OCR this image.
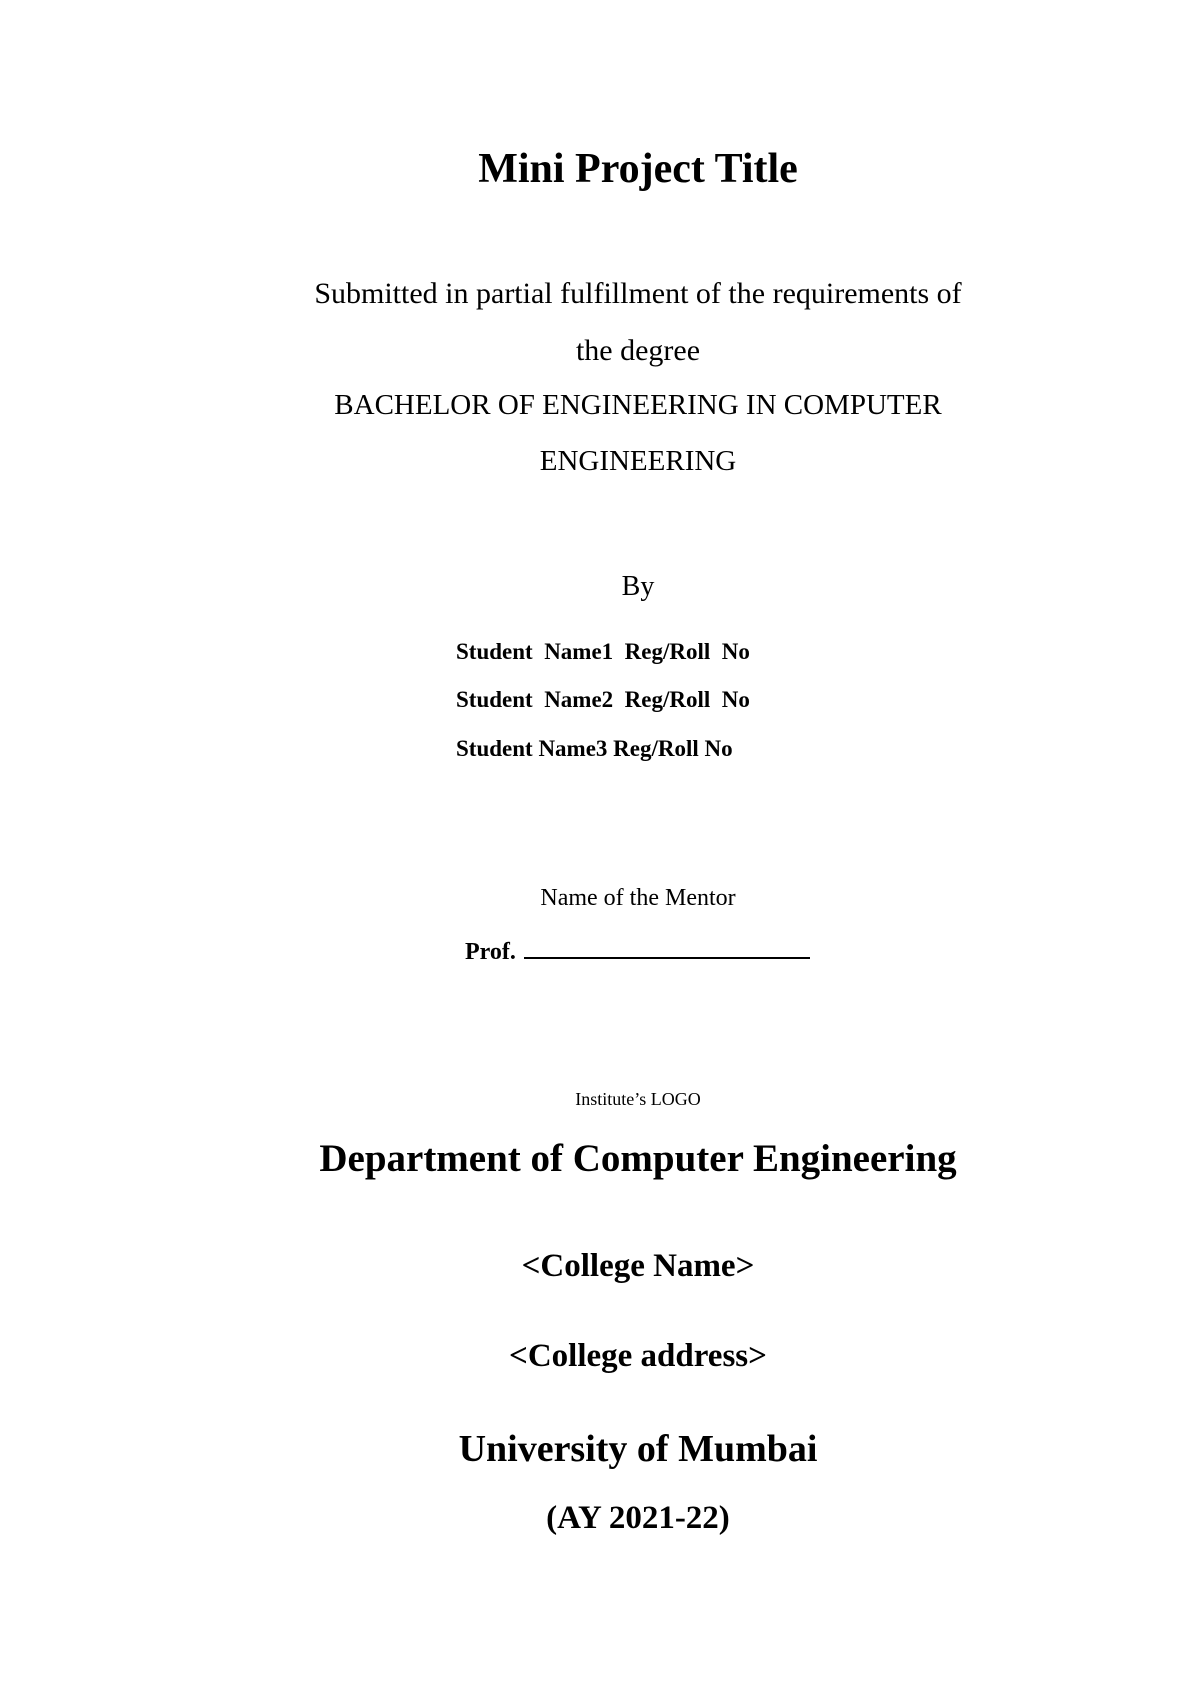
Mini Project Title
Submitted in partial fulfillment of the requirements of
the degree
BACHELOR OF ENGINEERING IN COMPUTER
ENGINEERING
By
Student  Name1  Reg/Roll  No
Student  Name2  Reg/Roll  No
Student Name3 Reg/Roll No
Name of the Mentor
Prof.
Institute’s LOGO
Department of Computer Engineering
<College Name>
<College address>
University of Mumbai
(AY 2021-22)
